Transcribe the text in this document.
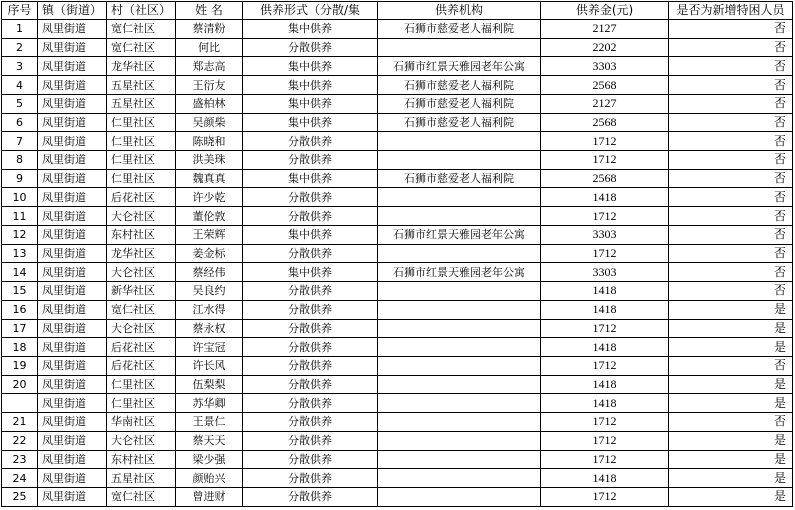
序号	镇（街道）	村（社区）	姓 名	供养形式（分散/集	供养机构	供养金(元)	是否为新增特困人员
1	凤里街道	宽仁社区	蔡清粉	集中供养	石狮市慈爱老人福利院	2127	否
2	凤里街道	宽仁社区	何比	分散供养		2202	否
3	凤里街道	龙华社区	郑志高	集中供养	石狮市红景天雅园老年公寓	3303	否
4	凤里街道	五星社区	王衍友	集中供养	石狮市慈爱老人福利院	2568	否
5	凤里街道	五星社区	盛柏林	集中供养	石狮市慈爱老人福利院	2127	否
6	凤里街道	仁里社区	吴颜柴	集中供养	石狮市慈爱老人福利院	2568	否
7	凤里街道	仁里社区	陈晓和	分散供养		1712	否
8	凤里街道	仁里社区	洪美珠	分散供养		1712	否
9	凤里街道	仁里社区	魏真真	集中供养	石狮市慈爱老人福利院	2568	否
10	凤里街道	后花社区	许少乾	分散供养		1418	否
11	凤里街道	大仑社区	董伦敦	分散供养		1712	否
12	凤里街道	东村社区	王荣辉	集中供养	石狮市红景天雅园老年公寓	3303	否
13	凤里街道	龙华社区	姜金标	分散供养		1712	否
14	凤里街道	大仑社区	蔡经伟	集中供养	石狮市红景天雅园老年公寓	3303	否
15	凤里街道	新华社区	吴良约	分散供养		1418	否
16	凤里街道	宽仁社区	江水得	分散供养		1418	是
17	凤里街道	大仑社区	蔡永权	分散供养		1712	是
18	凤里街道	后花社区	许宝冠	分散供养		1418	是
19	凤里街道	后花社区	许长风	分散供养		1712	否
20	凤里街道	仁里社区	伍梨梨	分散供养		1418	是
	凤里街道	仁里社区	苏华卿	分散供养		1418	是
21	凤里街道	华南社区	王景仁	分散供养		1712	否
22	凤里街道	大仑社区	蔡天天	分散供养		1712	是
23	凤里街道	东村社区	梁少强	分散供养		1712	是
24	凤里街道	五星社区	颜贻兴	分散供养		1418	是
25	凤里街道	宽仁社区	曾进财	分散供养		1712	是
